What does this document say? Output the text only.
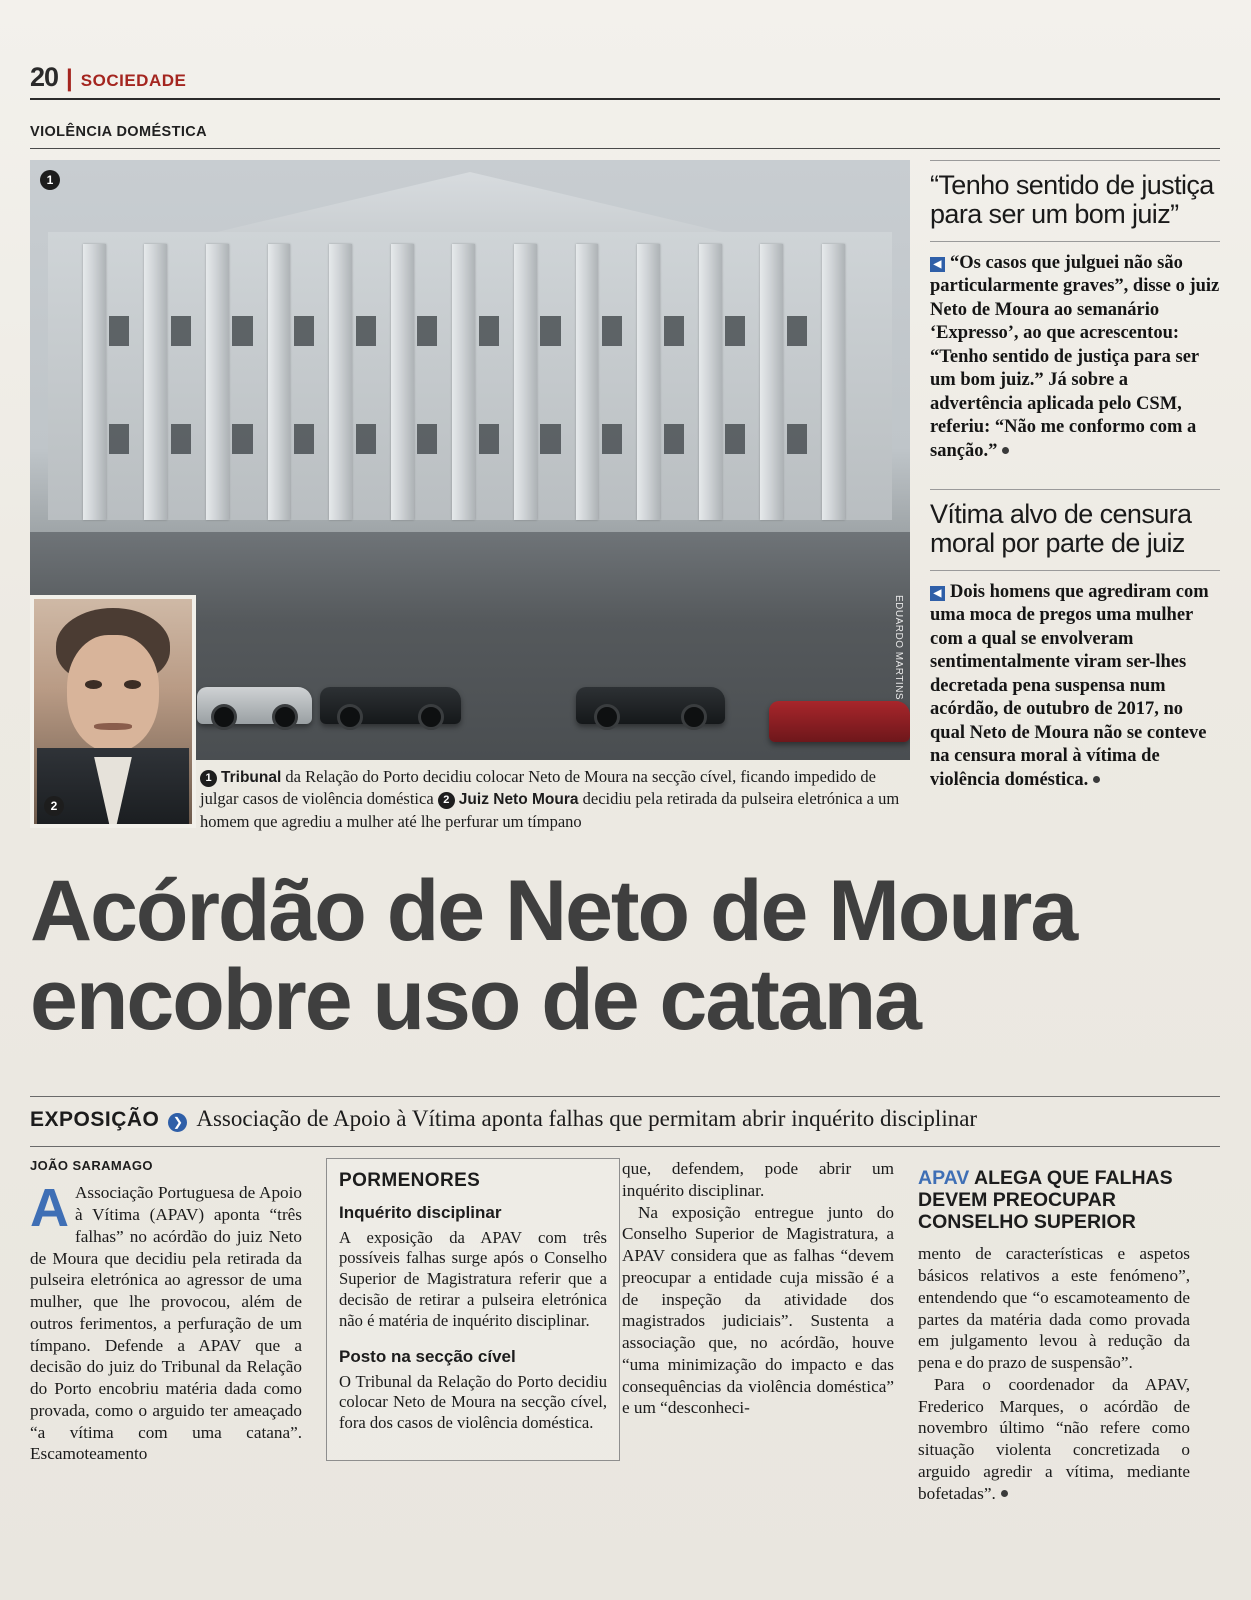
20 | SOCIEDADE
VIOLÊNCIA DOMÉSTICA
EDUARDO MARTINS
1
2
1 Tribunal da Relação do Porto decidiu colocar Neto de Moura na secção cível, ficando impedido de julgar casos de violência doméstica 2 Juiz Neto Moura decidiu pela retirada da pulseira eletrónica a um homem que agrediu a mulher até lhe perfurar um tímpano
“Tenho sentido de justiça para ser um bom juiz”
◀ “Os casos que julguei não são particularmente graves”, disse o juiz Neto de Moura ao semanário ‘Expresso’, ao que acrescentou: “Tenho sentido de justiça para ser um bom juiz.” Já sobre a advertência aplicada pelo CSM, referiu: “Não me conformo com a sanção.”
Vítima alvo de censura moral por parte de juiz
◀ Dois homens que agrediram com uma moca de pregos uma mulher com a qual se envolveram sentimentalmente viram ser-lhes decretada pena suspensa num acórdão, de outubro de 2017, no qual Neto de Moura não se conteve na censura moral à vítima de violência doméstica.
Acórdão de Neto de Moura
encobre uso de catana
EXPOSIÇÃO	❯ Associação de Apoio à Vítima aponta falhas que permitam abrir inquérito disciplinar
JOÃO SARAMAGO
A Associação Portuguesa de Apoio à Vítima (APAV) aponta “três falhas” no acórdão do juiz Neto de Moura que decidiu pela retirada da pulseira eletrónica ao agressor de uma mulher, que lhe provocou, além de outros ferimentos, a perfuração de um tímpano. Defende a APAV que a decisão do juiz do Tribunal da Relação do Porto encobriu matéria dada como provada, como o arguido ter ameaçado “a vítima com uma catana”. Escamoteamento
PORMENORES
Inquérito disciplinar

A exposição da APAV com três possíveis falhas surge após o Conselho Superior de Magistratura referir que a decisão de retirar a pulseira eletrónica não é matéria de inquérito disciplinar.

Posto na secção cível

O Tribunal da Relação do Porto decidiu colocar Neto de Moura na secção cível, fora dos casos de violência doméstica.

que, defendem, pode abrir um inquérito disciplinar.
Na exposição entregue junto do Conselho Superior de Magistratura, a APAV considera que as falhas “devem preocupar a entidade cuja missão é a de inspeção da atividade dos magistrados judiciais”. Sustenta a associação que, no acórdão, houve “uma minimização do impacto e das consequências da violência doméstica” e um “desconheci-
APAV ALEGA QUE FALHAS DEVEM PREOCUPAR CONSELHO SUPERIOR
mento de características e aspetos básicos relativos a este fenómeno”, entendendo que “o escamoteamento de partes da matéria dada como provada em julgamento levou à redução da pena e do prazo de suspensão”.
Para o coordenador da APAV, Frederico Marques, o acórdão de novembro último “não refere como situação violenta concretizada o arguido agredir a vítima, mediante bofetadas”.
